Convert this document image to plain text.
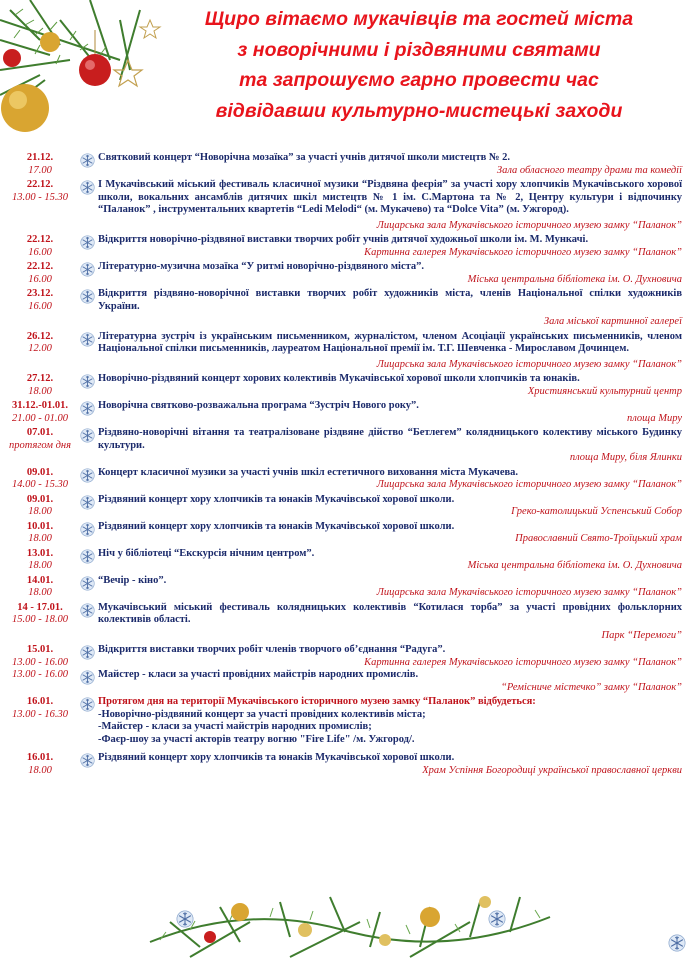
Щиро вітаємо мукачівців та гостей міста
з новорічними і різдвяними святами
та запрошуємо гарно провести час
відвідавши культурно-мистецькі заходи
21.12.
17.00
Святковий концерт “Новорічна мозаїка” за участі учнів дитячої школи мистецтв № 2.
Зала обласного театру драми та комедії
22.12.
13.00 - 15.30
І Мукачівський міський фестиваль класичної музики “Різдвяна феєрія” за участі хору хлопчиків Мукачівського хорової школи, вокальних ансамблів дитячих шкіл мистецтв № 1 ім. С.Мартона та № 2, Центру культури і відпочинку “Паланок” , інструментальних квартетів “Ledi Melodi“ (м. Мукачево) та “Dolce Vita” (м. Ужгород).
Лицарська зала Мукачівського історичного музею замку “Паланок”
22.12.
16.00
Відкриття новорічно-різдвяної виставки творчих робіт учнів дитячої художньої школи ім. М. Мункачі.
Картинна галерея Мукачівського історичного музею замку “Паланок”
22.12.
16.00
Літературно-музична мозаїка “У ритмі новорічно-різдвяного міста”.
Міська центральна бібліотека ім. О. Духновича
23.12.
16.00
Відкриття різдвяно-новорічної виставки творчих робіт художників міста, членів Національної спілки художників України.
Зала міської картинної галереї
26.12.
12.00
Літературна зустріч із українським письменником, журналістом, членом Асоціації українських письменників, членом Національної спілки письменників, лауреатом Національної премії ім. Т.Г. Шевченка - Мирославом Дочинцем.
Лицарська зала Мукачівського історичного музею замку “Паланок”
27.12.
18.00
Новорічно-різдвяний концерт хорових колективів Мукачівської хорової школи хлопчиків та юнаків.
Християнський культурний центр
31.12.-01.01.
21.00 - 01.00
Новорічна святково-розважальна програма “Зустріч Нового року”.
площа Миру
07.01.
протягом дня
Різдвяно-новорічні вітання та театралізоване різдвяне дійство “Бетлегем” колядницького колективу міського Будинку культури.
площа Миру, біля Ялинки
09.01.
14.00 - 15.30
Концерт класичної музики за участі учнів шкіл естетичного виховання міста Мукачева.
Лицарська зала Мукачівського історичного музею замку “Паланок”
09.01.
18.00
Різдвяний концерт хору хлопчиків та юнаків Мукачівської хорової школи.
Греко-католицький Успенський Собор
10.01.
18.00
Різдвяний концерт хору хлопчиків та юнаків Мукачівської хорової школи.
Православний Свято-Троїцький храм
13.01.
18.00
Ніч у бібліотеці “Екскурсія нічним центром”.
Міська центральна бібліотека ім. О. Духновича
14.01.
18.00
“Вечір - кіно”.
Лицарська зала Мукачівського історичного музею замку “Паланок”
14 - 17.01.
15.00 - 18.00
Мукачівський міський фестиваль колядницьких колективів “Котилася торба” за участі провідних фольклорних колективів області.
Парк “Перемоги”
15.01.
13.00 - 16.00
Відкриття виставки творчих робіт членів творчого об’єднання “Радуга”.
Картинна галерея Мукачівського історичного музею замку “Паланок”
13.00 - 16.00	Майстер - класи за участі провідних майстрів народних промислів.
“Ремісниче містечко” замку “Паланок”
16.01.
13.00 - 16.30
Протягом дня на території Мукачівського історичного музею замку “Паланок” відбудеться:
-Новорічно-різдвяний концерт за участі провідних колективів міста;
-Майстер - класи за участі майстрів народних промислів;
-Фаєр-шоу за участі акторів театру вогню "Fire Life" /м. Ужгород/.
16.01.
18.00
Різдвяний концерт хору хлопчиків та юнаків Мукачівської хорової школи.
Храм Успіння Богородиці української православної церкви
